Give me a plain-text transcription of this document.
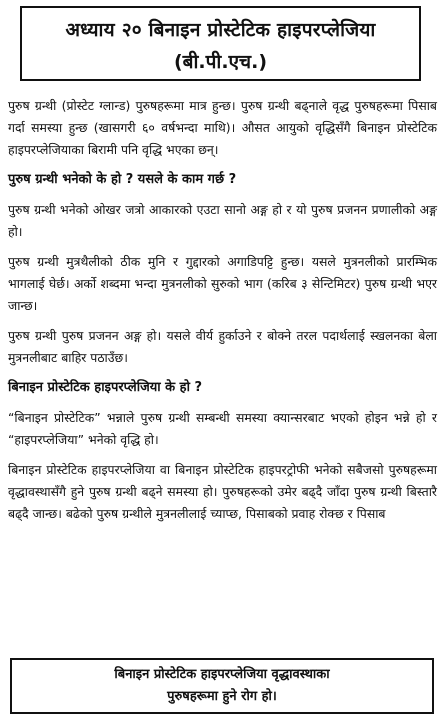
अध्याय २० बिनाइन प्रोस्टेटिक हाइपरप्लेजिया
(बी.पी.एच.)

पुरुष ग्रन्थी (प्रोस्टेट ग्लान्ड) पुरुषहरूमा मात्र हुन्छ। पुरुष ग्रन्थी बढ्नाले वृद्ध पुरुषहरूमा पिसाब गर्दा समस्या हुन्छ (खासगरी ६० वर्षभन्दा माथि)। औसत आयुको वृद्धिसँगै बिनाइन प्रोस्टेटिक हाइपरप्लेजियाका बिरामी पनि वृद्धि भएका छन्।

पुरुष ग्रन्थी भनेको के हो ? यसले के काम गर्छ ?

पुरुष ग्रन्थी भनेको ओखर जत्रो आकारको एउटा सानो अङ्ग हो र यो पुरुष प्रजनन प्रणालीको अङ्ग हो।

पुरुष ग्रन्थी मुत्रथैलीको ठीक मुनि र गुद्दारको अगाडिपट्टि हुन्छ। यसले मुत्रनलीको प्रारम्भिक भागलाई घेर्छ। अर्को शब्दमा भन्दा मुत्रनलीको सुरुको भाग (करिब ३ सेन्टिमिटर) पुरुष ग्रन्थी भएर जान्छ।

पुरुष ग्रन्थी पुरुष प्रजनन अङ्ग हो। यसले वीर्य हुर्काउने र बोक्ने तरल पदार्थलाई स्खलनका बेला मुत्रनलीबाट बाहिर पठाउँछ।

बिनाइन प्रोस्टेटिक हाइपरप्लेजिया के हो ?

“बिनाइन प्रोस्टेटिक” भन्नाले पुरुष ग्रन्थी सम्बन्धी समस्या क्यान्सरबाट भएको होइन भन्ने हो र “हाइपरप्लेजिया” भनेको वृद्धि हो।

बिनाइन प्रोस्टेटिक हाइपरप्लेजिया वा बिनाइन प्रोस्टेटिक हाइपरट्रोफी भनेको सबैजसो पुरुषहरूमा वृद्धावस्थासँगै हुने पुरुष ग्रन्थी बढ्ने समस्या हो। पुरुषहरूको उमेर बढ्दै जाँदा पुरुष ग्रन्थी बिस्तारै बढ्दै जान्छ। बढेको पुरुष ग्रन्थीले मुत्रनलीलाई च्याप्छ, पिसाबको प्रवाह रोक्छ र पिसाब

बिनाइन प्रोस्टेटिक हाइपरप्लेजिया वृद्धावस्थाका
पुरुषहरूमा हुने रोग हो।
